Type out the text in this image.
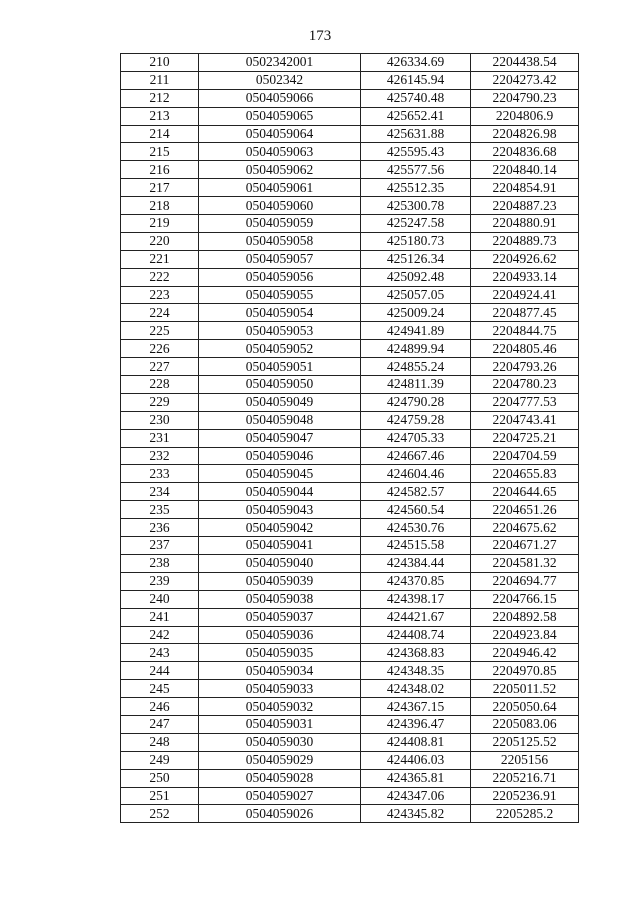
173
210	0502342001	426334.69	2204438.54
211	0502342	426145.94	2204273.42
212	0504059066	425740.48	2204790.23
213	0504059065	425652.41	2204806.9
214	0504059064	425631.88	2204826.98
215	0504059063	425595.43	2204836.68
216	0504059062	425577.56	2204840.14
217	0504059061	425512.35	2204854.91
218	0504059060	425300.78	2204887.23
219	0504059059	425247.58	2204880.91
220	0504059058	425180.73	2204889.73
221	0504059057	425126.34	2204926.62
222	0504059056	425092.48	2204933.14
223	0504059055	425057.05	2204924.41
224	0504059054	425009.24	2204877.45
225	0504059053	424941.89	2204844.75
226	0504059052	424899.94	2204805.46
227	0504059051	424855.24	2204793.26
228	0504059050	424811.39	2204780.23
229	0504059049	424790.28	2204777.53
230	0504059048	424759.28	2204743.41
231	0504059047	424705.33	2204725.21
232	0504059046	424667.46	2204704.59
233	0504059045	424604.46	2204655.83
234	0504059044	424582.57	2204644.65
235	0504059043	424560.54	2204651.26
236	0504059042	424530.76	2204675.62
237	0504059041	424515.58	2204671.27
238	0504059040	424384.44	2204581.32
239	0504059039	424370.85	2204694.77
240	0504059038	424398.17	2204766.15
241	0504059037	424421.67	2204892.58
242	0504059036	424408.74	2204923.84
243	0504059035	424368.83	2204946.42
244	0504059034	424348.35	2204970.85
245	0504059033	424348.02	2205011.52
246	0504059032	424367.15	2205050.64
247	0504059031	424396.47	2205083.06
248	0504059030	424408.81	2205125.52
249	0504059029	424406.03	2205156
250	0504059028	424365.81	2205216.71
251	0504059027	424347.06	2205236.91
252	0504059026	424345.82	2205285.2
